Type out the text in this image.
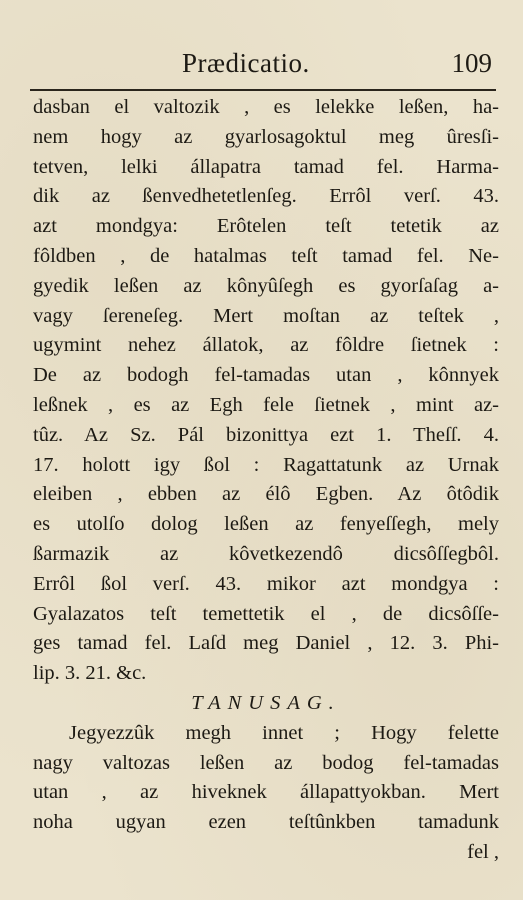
Prædicatio.	109
dasban el valtozik , es lelekke leßen, ha-
nem hogy az gyarlosagoktul meg ûresſi-
tetven, lelki állapatra tamad fel. Harma-
dik az ßenvedhetetlenſeg. Errôl verſ. 43.
azt mondgya: Erôtelen teſt tetetik az
fôldben , de hatalmas teſt tamad fel. Ne-
gyedik leßen az kônyûſegh es gyorſaſag a-
vagy ſereneſeg. Mert moſtan az teſtek ,
ugymint nehez állatok, az fôldre ſietnek :
De az bodogh fel-tamadas utan , kônnyek
leßnek , es az Egh fele ſietnek , mint az-
tûz. Az Sz. Pál bizonittya ezt 1. Theſſ. 4.
17. holott igy ßol : Ragattatunk az Urnak
eleiben , ebben az élô Egben. Az ôtôdik
es utolſo dolog leßen az fenyeſſegh, mely
ßarmazik az kôvetkezendô dicsôſſegbôl.
Errôl ßol verſ. 43. mikor azt mondgya :
Gyalazatos teſt temettetik el , de dicsôſſe-
ges tamad fel. Laſd meg Daniel , 12. 3. Phi-
lip. 3. 21. &c.
TANUSAG.
Jegyezzûk megh innet ; Hogy felette
nagy valtozas leßen az bodog fel-tamadas
utan , az hiveknek állapattyokban. Mert
noha ugyan ezen teſtûnkben tamadunk
fel ,
